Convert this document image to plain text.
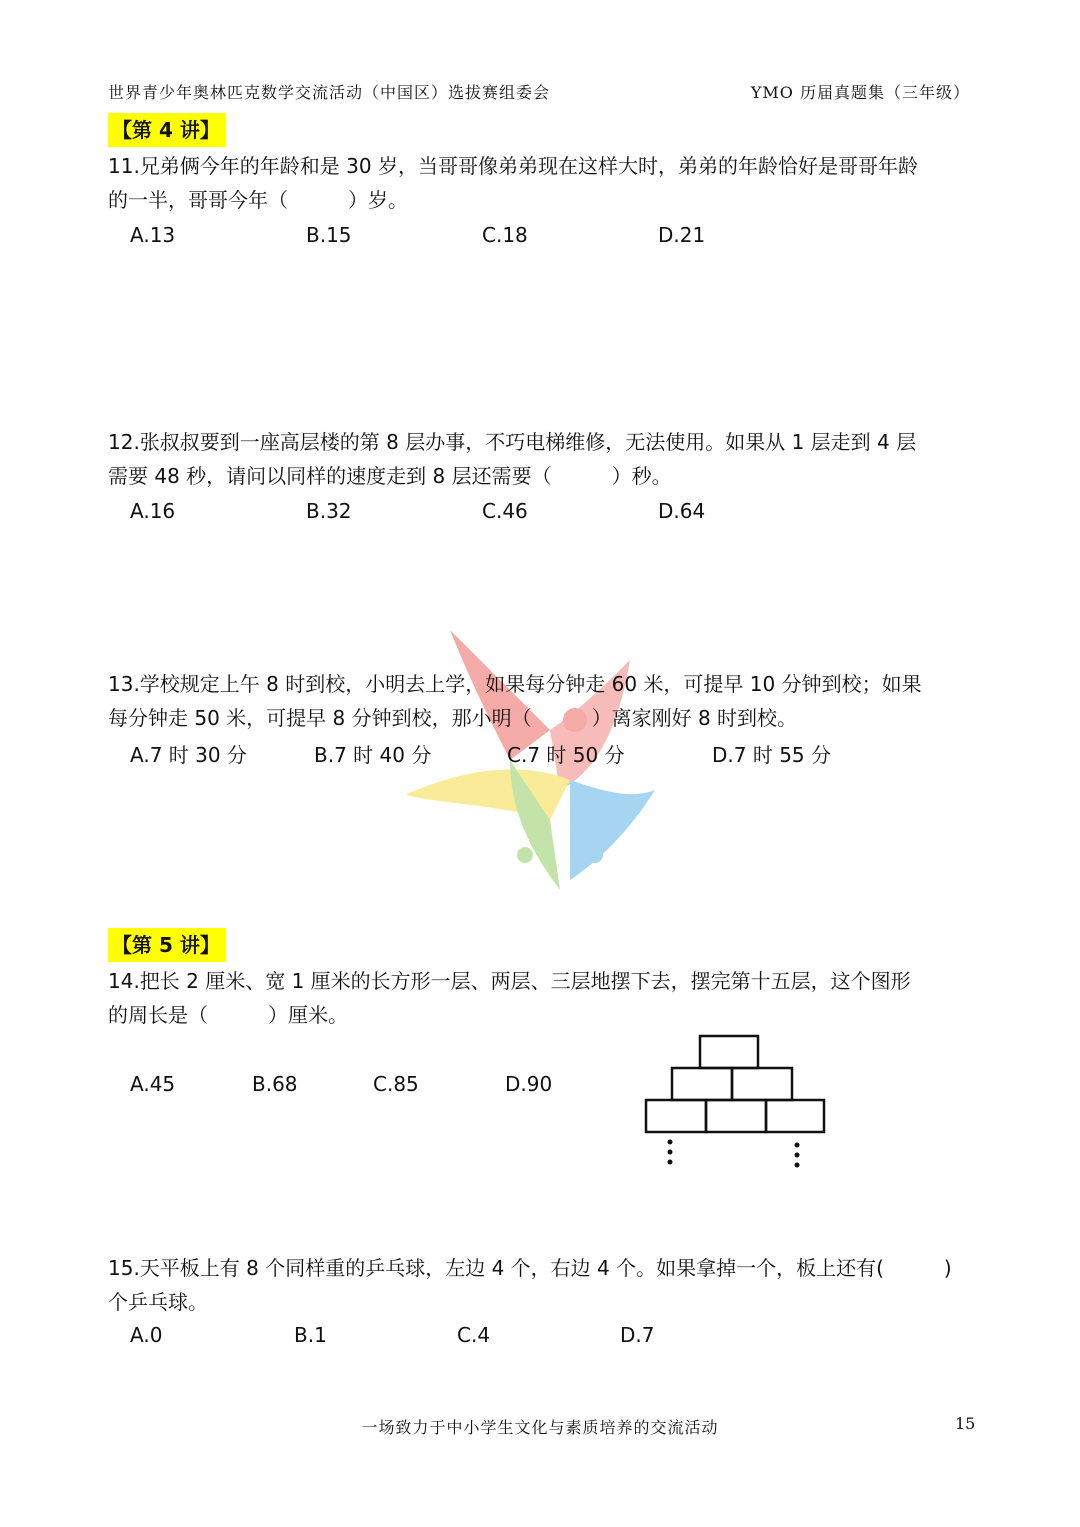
世界青少年奥林匹克数学交流活动（中国区）选拔赛组委会	YMO 历届真题集（三年级）
【第 4 讲】
11.兄弟俩今年的年龄和是 30 岁，当哥哥像弟弟现在这样大时，弟弟的年龄恰好是哥哥年龄
的一半，哥哥今年（　　　）岁。
A.13	B.15	C.18	D.21
12.张叔叔要到一座高层楼的第 8 层办事，不巧电梯维修，无法使用。如果从 1 层走到 4 层
需要 48 秒，请问以同样的速度走到 8 层还需要（　　　）秒。
A.16	B.32	C.46	D.64
13.学校规定上午 8 时到校，小明去上学，如果每分钟走 60 米，可提早 10 分钟到校；如果
每分钟走 50 米，可提早 8 分钟到校，那小明（　　　）离家刚好 8 时到校。
A.7 时 30 分	B.7 时 40 分	C.7 时 50 分	D.7 时 55 分
【第 5 讲】
14.把长 2 厘米、宽 1 厘米的长方形一层、两层、三层地摆下去，摆完第十五层，这个图形
的周长是（　　　）厘米。
A.45	B.68	C.85	D.90
15.天平板上有 8 个同样重的乒乓球，左边 4 个，右边 4 个。如果拿掉一个，板上还有(　　　)
个乒乓球。
A.0	B.1	C.4	D.7
一场致力于中小学生文化与素质培养的交流活动	15
